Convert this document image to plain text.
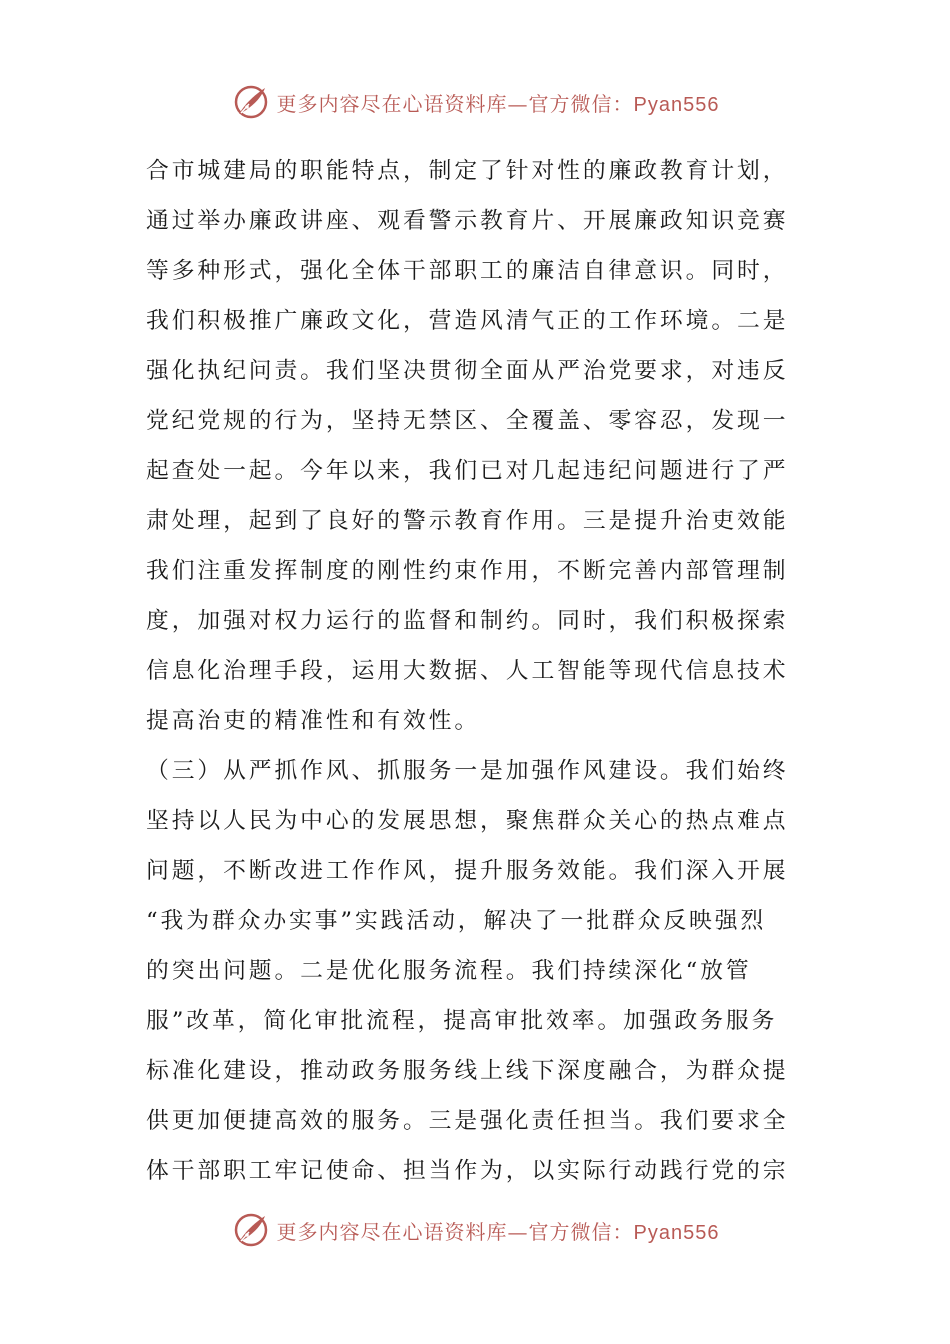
更多内容尽在心语资料库—官方微信：Pyan556
合市城建局的职能特点，制定了针对性的廉政教育计划，
通过举办廉政讲座、观看警示教育片、开展廉政知识竞赛
等多种形式，强化全体干部职工的廉洁自律意识。同时，
我们积极推广廉政文化，营造风清气正的工作环境。二是
强化执纪问责。我们坚决贯彻全面从严治党要求，对违反
党纪党规的行为，坚持无禁区、全覆盖、零容忍，发现一
起查处一起。今年以来，我们已对几起违纪问题进行了严
肃处理，起到了良好的警示教育作用。三是提升治吏效能
我们注重发挥制度的刚性约束作用，不断完善内部管理制
度，加强对权力运行的监督和制约。同时，我们积极探索
信息化治理手段，运用大数据、人工智能等现代信息技术
提高治吏的精准性和有效性。
（三）从严抓作风、抓服务一是加强作风建设。我们始终
坚持以人民为中心的发展思想，聚焦群众关心的热点难点
问题，不断改进工作作风，提升服务效能。我们深入开展
“我为群众办实事”实践活动，解决了一批群众反映强烈
的突出问题。二是优化服务流程。我们持续深化“放管
服”改革，简化审批流程，提高审批效率。加强政务服务
标准化建设，推动政务服务线上线下深度融合，为群众提
供更加便捷高效的服务。三是强化责任担当。我们要求全
体干部职工牢记使命、担当作为，以实际行动践行党的宗
更多内容尽在心语资料库—官方微信：Pyan556
